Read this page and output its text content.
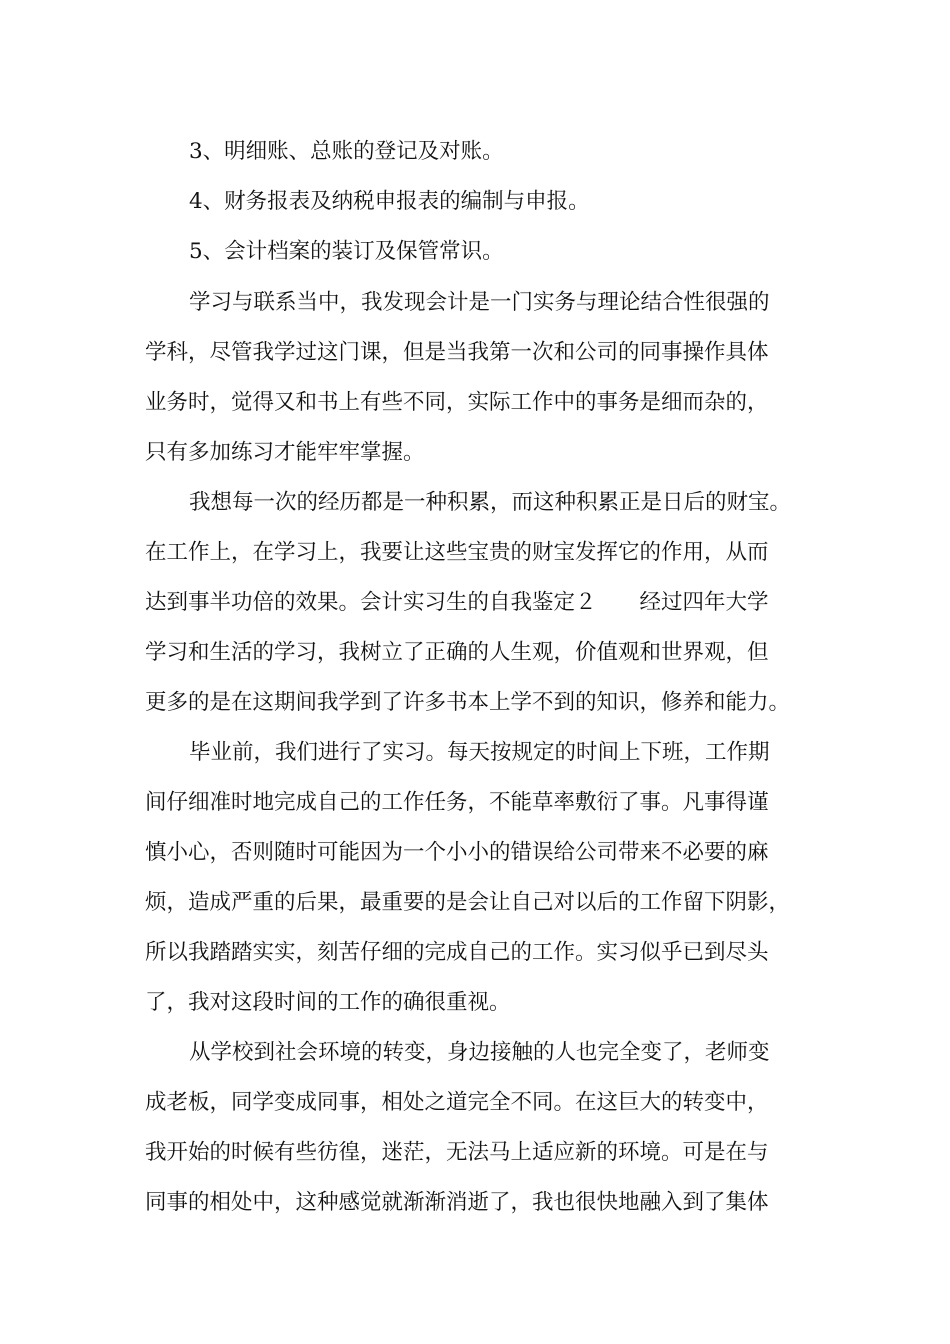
3、明细账、总账的登记及对账。

4、财务报表及纳税申报表的编制与申报。

5、会计档案的装订及保管常识。

学习与联系当中，我发现会计是一门实务与理论结合性很强的

学科，尽管我学过这门课，但是当我第一次和公司的同事操作具体

业务时，觉得又和书上有些不同，实际工作中的事务是细而杂的，

只有多加练习才能牢牢掌握。

我想每一次的经历都是一种积累，而这种积累正是日后的财宝。

在工作上，在学习上，我要让这些宝贵的财宝发挥它的作用，从而

达到事半功倍的效果。会计实习生的自我鉴定２　　经过四年大学

学习和生活的学习，我树立了正确的人生观，价值观和世界观，但

更多的是在这期间我学到了许多书本上学不到的知识，修养和能力。

毕业前，我们进行了实习。每天按规定的时间上下班，工作期

间仔细准时地完成自己的工作任务，不能草率敷衍了事。凡事得谨

慎小心，否则随时可能因为一个小小的错误给公司带来不必要的麻

烦，造成严重的后果，最重要的是会让自己对以后的工作留下阴影，

所以我踏踏实实，刻苦仔细的完成自己的工作。实习似乎已到尽头

了，我对这段时间的工作的确很重视。

从学校到社会环境的转变，身边接触的人也完全变了，老师变

成老板，同学变成同事，相处之道完全不同。在这巨大的转变中，

我开始的时候有些彷徨，迷茫，无法马上适应新的环境。可是在与

同事的相处中，这种感觉就渐渐消逝了，我也很快地融入到了集体
